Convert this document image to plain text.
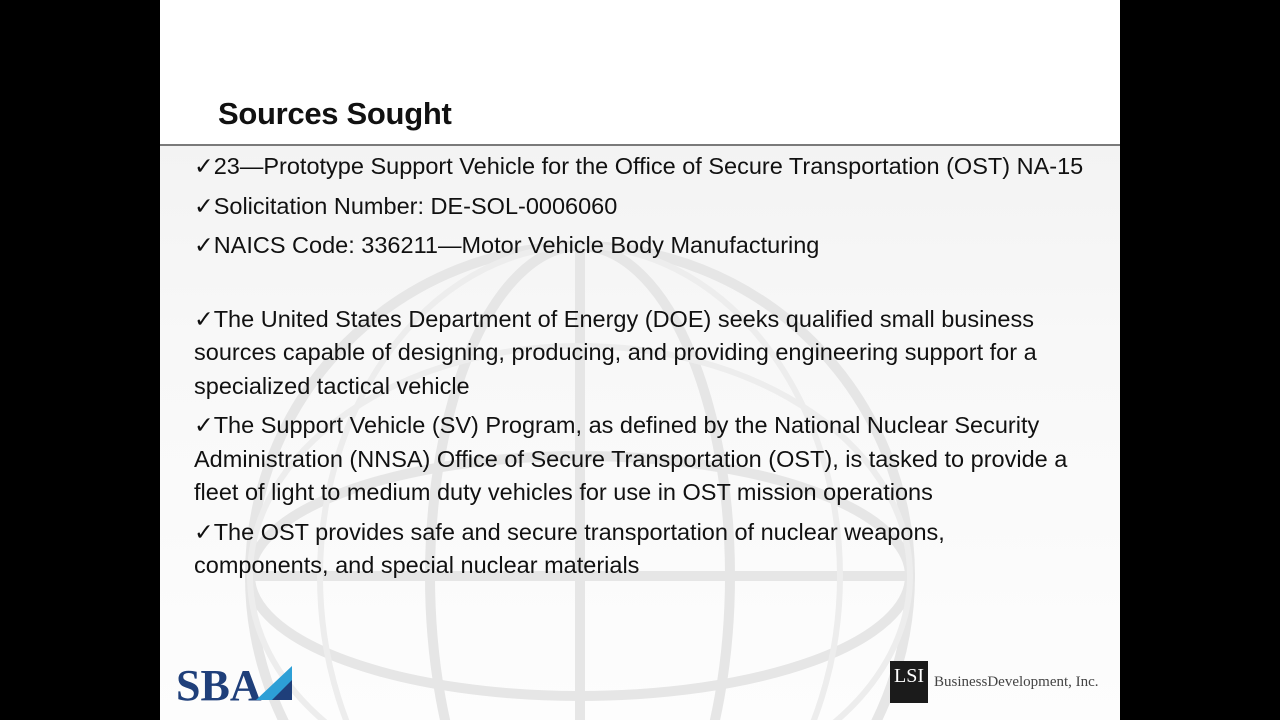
Sources Sought
✓23—Prototype Support Vehicle for the Office of Secure Transportation (OST) NA-15
✓Solicitation Number: DE-SOL-0006060
✓NAICS Code: 336211—Motor Vehicle Body Manufacturing
✓The United States Department of Energy (DOE) seeks qualified small business sources capable of designing, producing, and providing engineering support for a specialized tactical vehicle
✓The Support Vehicle (SV) Program, as defined by the National Nuclear Security Administration (NNSA) Office of Secure Transportation (OST), is tasked to provide a fleet of light to medium duty vehicles for use in OST mission operations
✓The OST provides safe and secure transportation of nuclear weapons, components, and special nuclear materials
SBA	LSI BusinessDevelopment, Inc.
